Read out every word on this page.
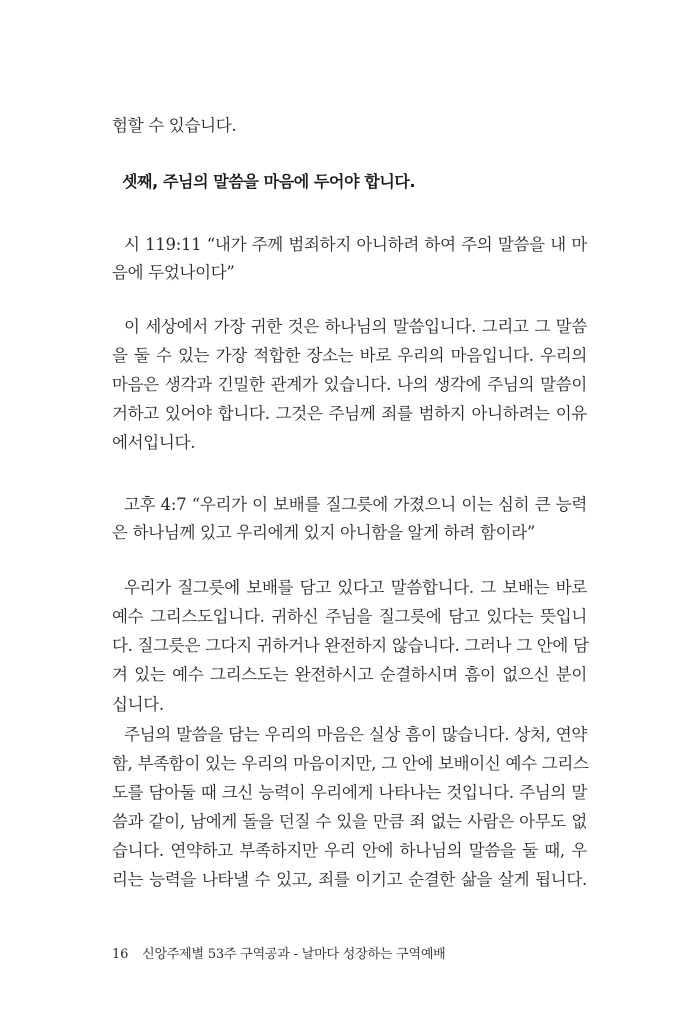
험할 수 있습니다.
셋째, 주님의 말씀을 마음에 두어야 합니다.
시 119:11 “내가 주께 범죄하지 아니하려 하여 주의 말씀을 내 마
음에 두었나이다”
이 세상에서 가장 귀한 것은 하나님의 말씀입니다. 그리고 그 말씀
을 둘 수 있는 가장 적합한 장소는 바로 우리의 마음입니다. 우리의
마음은 생각과 긴밀한 관계가 있습니다. 나의 생각에 주님의 말씀이
거하고 있어야 합니다. 그것은 주님께 죄를 범하지 아니하려는 이유
에서입니다.
고후 4:7 “우리가 이 보배를 질그릇에 가졌으니 이는 심히 큰 능력
은 하나님께 있고 우리에게 있지 아니함을 알게 하려 함이라”
우리가 질그릇에 보배를 담고 있다고 말씀합니다. 그 보배는 바로
예수 그리스도입니다. 귀하신 주님을 질그릇에 담고 있다는 뜻입니
다. 질그릇은 그다지 귀하거나 완전하지 않습니다. 그러나 그 안에 담
겨 있는 예수 그리스도는 완전하시고 순결하시며 흠이 없으신 분이
십니다.
주님의 말씀을 담는 우리의 마음은 실상 흠이 많습니다. 상처, 연약
함, 부족함이 있는 우리의 마음이지만, 그 안에 보배이신 예수 그리스
도를 담아둘 때 크신 능력이 우리에게 나타나는 것입니다. 주님의 말
씀과 같이, 남에게 돌을 던질 수 있을 만큼 죄 없는 사람은 아무도 없
습니다. 연약하고 부족하지만 우리 안에 하나님의 말씀을 둘 때, 우
리는 능력을 나타낼 수 있고, 죄를 이기고 순결한 삶을 살게 됩니다.
16 신앙주제별 53주 구역공과 - 날마다 성장하는 구역예배
